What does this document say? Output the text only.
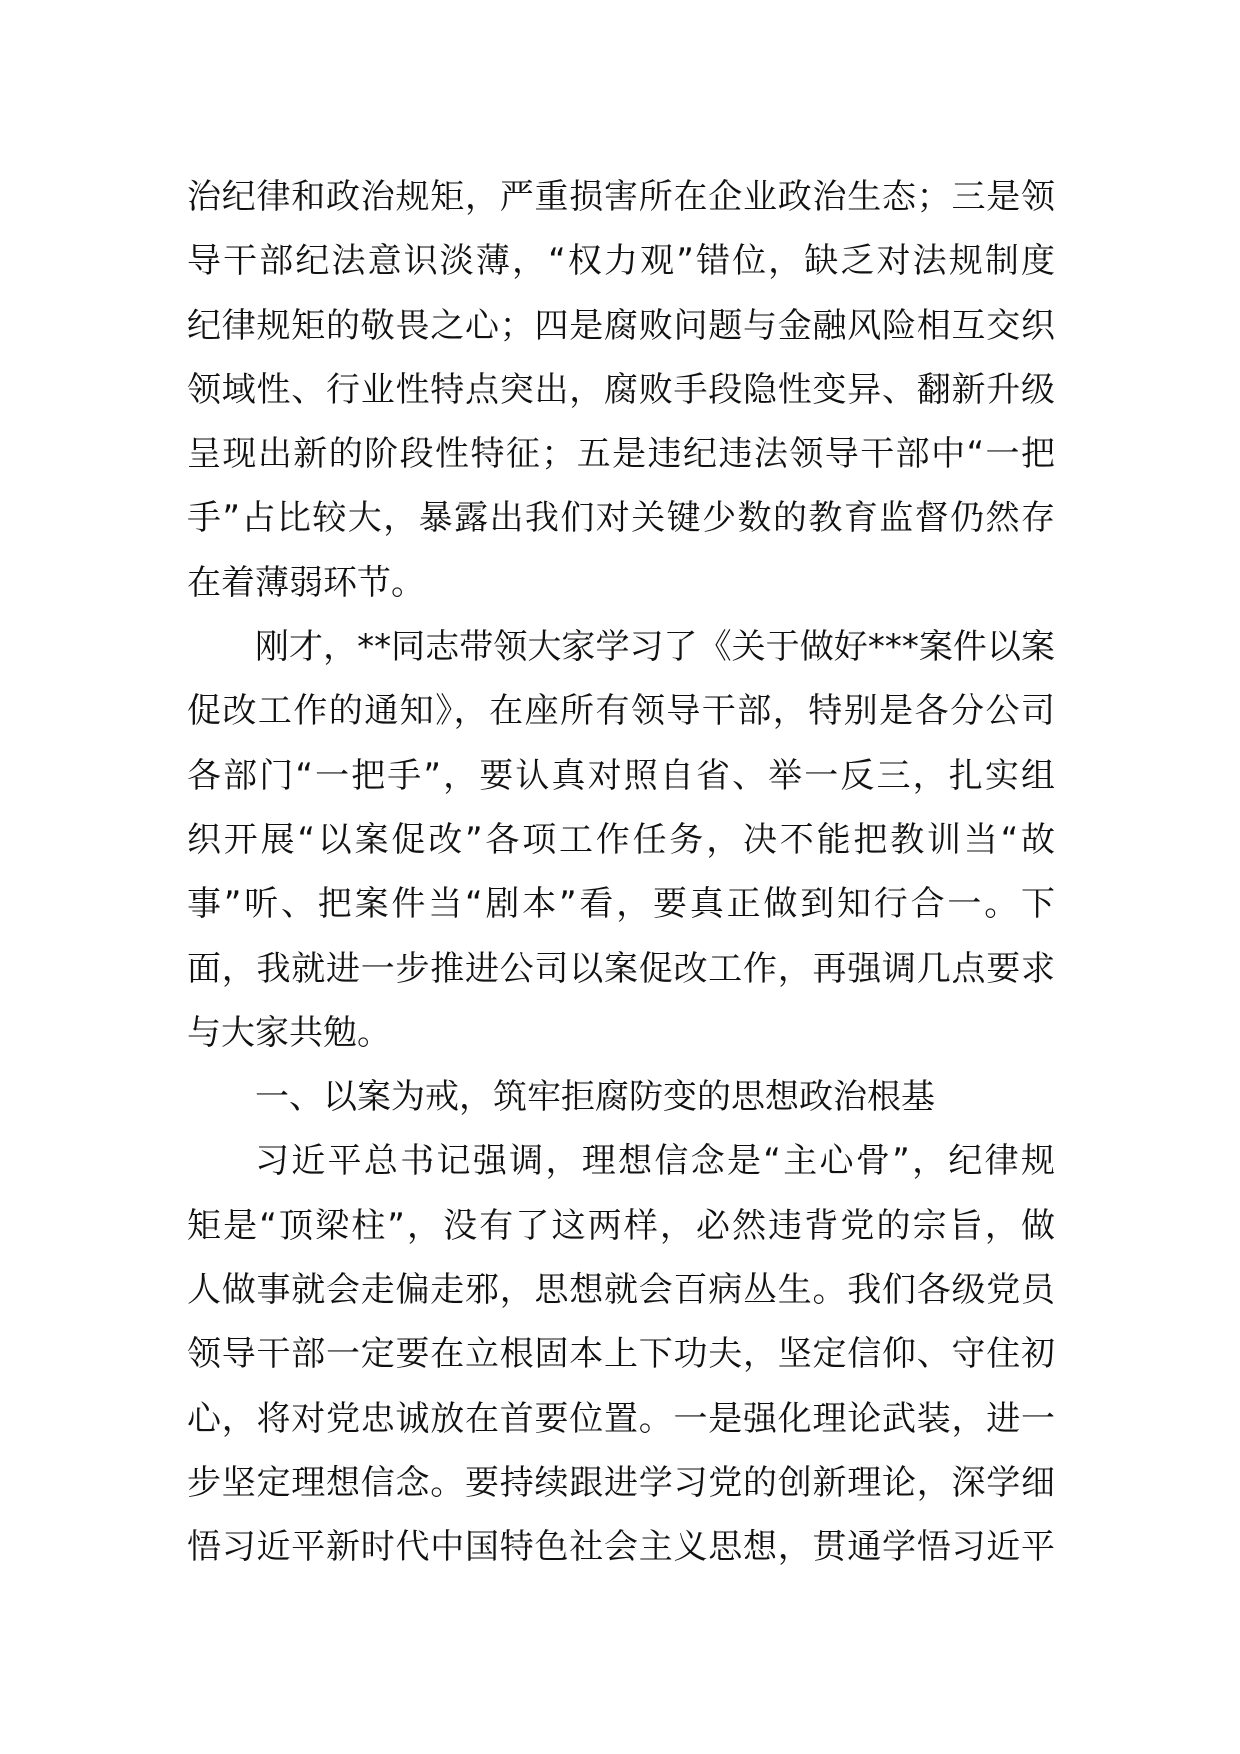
治纪律和政治规矩，严重损害所在企业政治生态；三是领
导干部纪法意识淡薄，“权力观”错位，缺乏对法规制度
纪律规矩的敬畏之心；四是腐败问题与金融风险相互交织
领域性、行业性特点突出，腐败手段隐性变异、翻新升级
呈现出新的阶段性特征；五是违纪违法领导干部中“一把
手”占比较大，暴露出我们对关键少数的教育监督仍然存
在着薄弱环节。
刚才，**同志带领大家学习了《关于做好***案件以案
促改工作的通知》，在座所有领导干部，特别是各分公司
各部门“一把手”，要认真对照自省、举一反三，扎实组
织开展“以案促改”各项工作任务，决不能把教训当“故
事”听、把案件当“剧本”看，要真正做到知行合一。下
面，我就进一步推进公司以案促改工作，再强调几点要求
与大家共勉。
一、以案为戒，筑牢拒腐防变的思想政治根基
习近平总书记强调，理想信念是“主心骨”，纪律规
矩是“顶梁柱”，没有了这两样，必然违背党的宗旨，做
人做事就会走偏走邪，思想就会百病丛生。我们各级党员
领导干部一定要在立根固本上下功夫，坚定信仰、守住初
心，将对党忠诚放在首要位置。一是强化理论武装，进一
步坚定理想信念。要持续跟进学习党的创新理论，深学细
悟习近平新时代中国特色社会主义思想，贯通学悟习近平
